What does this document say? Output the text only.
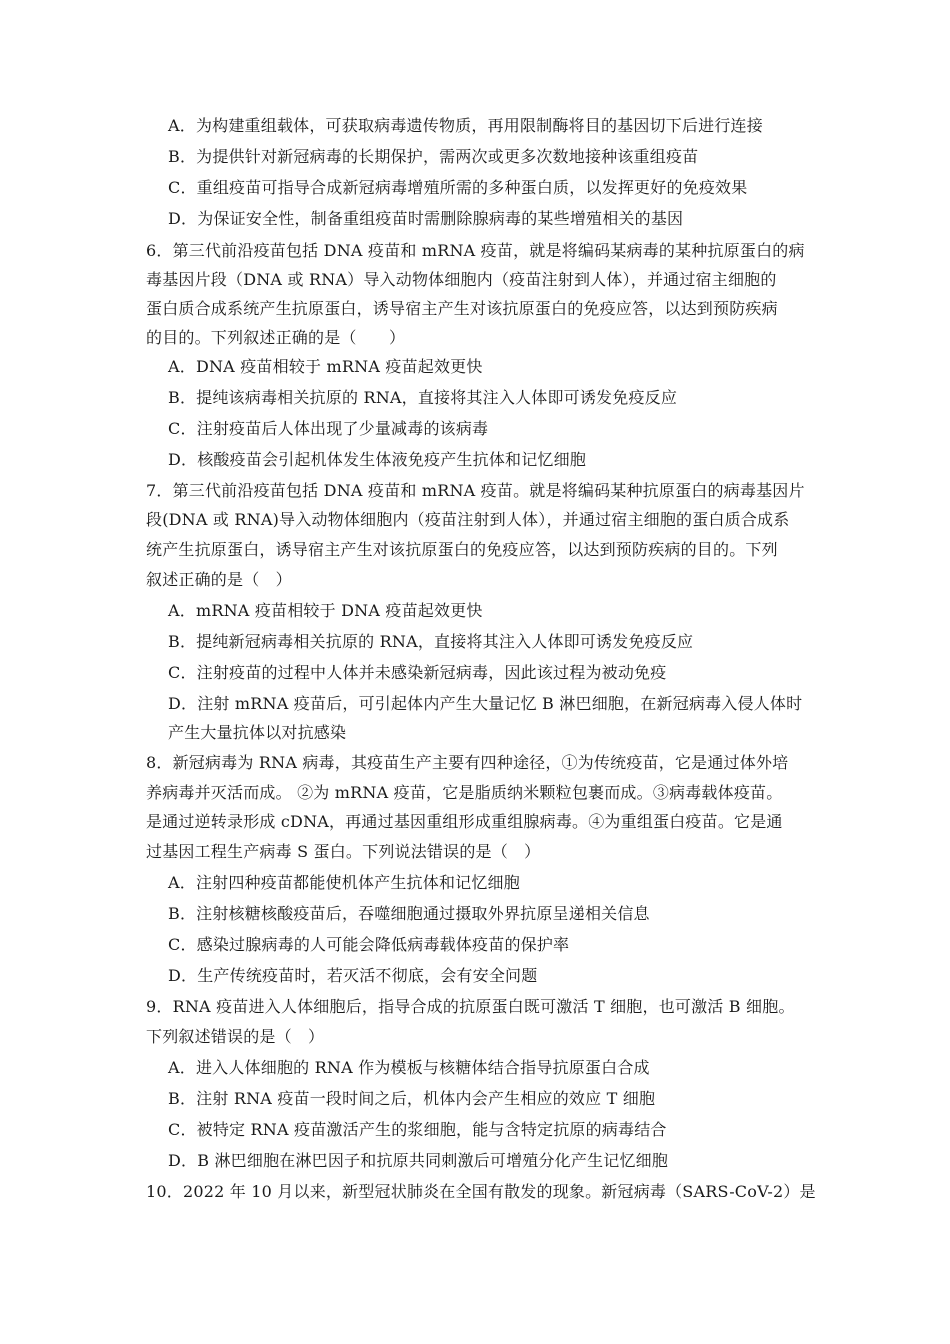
A．为构建重组载体，可获取病毒遗传物质，再用限制酶将目的基因切下后进行连接
B．为提供针对新冠病毒的长期保护，需两次或更多次数地接种该重组疫苗
C．重组疫苗可指导合成新冠病毒增殖所需的多种蛋白质，以发挥更好的免疫效果
D．为保证安全性，制备重组疫苗时需删除腺病毒的某些增殖相关的基因
6．第三代前沿疫苗包括 DNA 疫苗和 mRNA 疫苗，就是将编码某病毒的某种抗原蛋白的病
毒基因片段（DNA 或 RNA）导入动物体细胞内（疫苗注射到人体），并通过宿主细胞的
蛋白质合成系统产生抗原蛋白，诱导宿主产生对该抗原蛋白的免疫应答，以达到预防疾病
的目的。下列叙述正确的是（　　）
A．DNA 疫苗相较于 mRNA 疫苗起效更快
B．提纯该病毒相关抗原的 RNA，直接将其注入人体即可诱发免疫反应
C．注射疫苗后人体出现了少量减毒的该病毒
D．核酸疫苗会引起机体发生体液免疫产生抗体和记忆细胞
7．第三代前沿疫苗包括 DNA 疫苗和 mRNA 疫苗。就是将编码某种抗原蛋白的病毒基因片
段(DNA 或 RNA)导入动物体细胞内（疫苗注射到人体），并通过宿主细胞的蛋白质合成系
统产生抗原蛋白，诱导宿主产生对该抗原蛋白的免疫应答，以达到预防疾病的目的。下列
叙述正确的是（　）
A．mRNA 疫苗相较于 DNA 疫苗起效更快
B．提纯新冠病毒相关抗原的 RNA，直接将其注入人体即可诱发免疫反应
C．注射疫苗的过程中人体并未感染新冠病毒，因此该过程为被动免疫
D．注射 mRNA 疫苗后，可引起体内产生大量记忆 B 淋巴细胞，在新冠病毒入侵人体时
产生大量抗体以对抗感染
8．新冠病毒为 RNA 病毒，其疫苗生产主要有四种途径，①为传统疫苗，它是通过体外培
养病毒并灭活而成。 ②为 mRNA 疫苗，它是脂质纳米颗粒包裹而成。③病毒载体疫苗。
是通过逆转录形成 cDNA，再通过基因重组形成重组腺病毒。④为重组蛋白疫苗。它是通
过基因工程生产病毒 S 蛋白。下列说法错误的是（　）
A．注射四种疫苗都能使机体产生抗体和记忆细胞
B．注射核糖核酸疫苗后，吞噬细胞通过摄取外界抗原呈递相关信息
C．感染过腺病毒的人可能会降低病毒载体疫苗的保护率
D．生产传统疫苗时，若灭活不彻底，会有安全问题
9．RNA 疫苗进入人体细胞后，指导合成的抗原蛋白既可激活 T 细胞，也可激活 B 细胞。
下列叙述错误的是（　）
A．进入人体细胞的 RNA 作为模板与核糖体结合指导抗原蛋白合成
B．注射 RNA 疫苗一段时间之后，机体内会产生相应的效应 T 细胞
C．被特定 RNA 疫苗激活产生的浆细胞，能与含特定抗原的病毒结合
D．B 淋巴细胞在淋巴因子和抗原共同刺激后可增殖分化产生记忆细胞
10．2022 年 10 月以来，新型冠状肺炎在全国有散发的现象。新冠病毒（SARS-CoV-2）是
